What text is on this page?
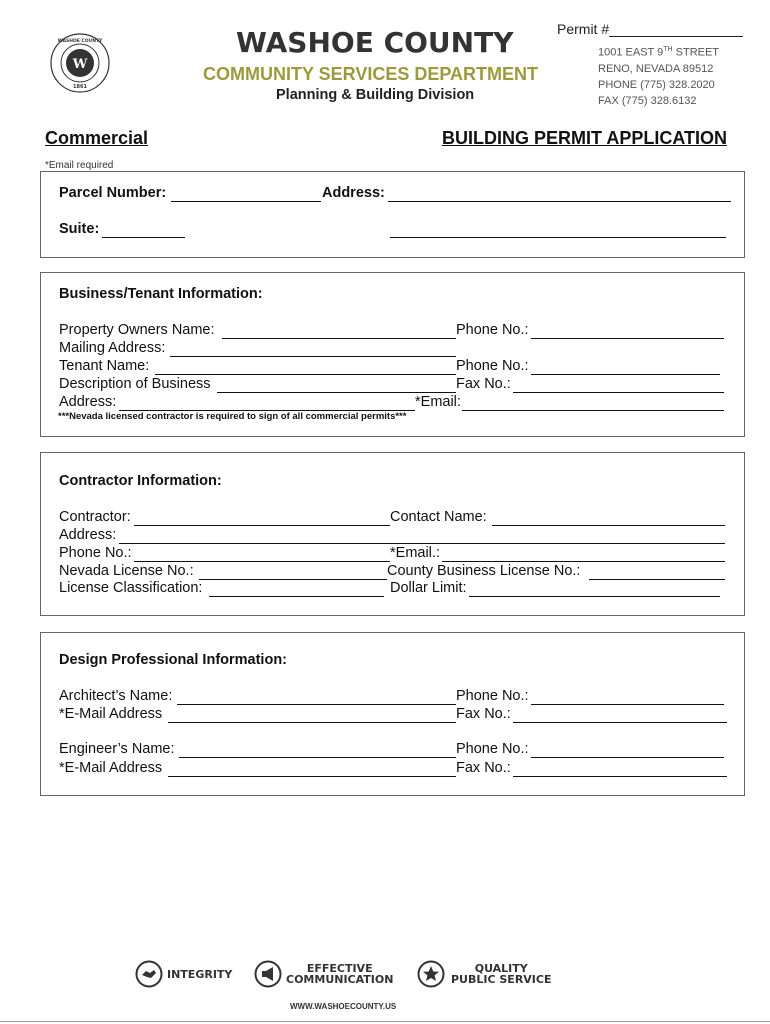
W
WASHOE COUNTY
1861
WASHOE COUNTY
COMMUNITY SERVICES DEPARTMENT
Planning & Building Division
Permit #
1001 EAST 9TH STREET
RENO, NEVADA 89512
PHONE (775) 328.2020
FAX (775) 328.6132
Commercial	BUILDING PERMIT APPLICATION
*Email required
Parcel Number:	Address:
Suite:
Business/Tenant Information:
Property Owners Name:	Phone No.:
Mailing Address:
Tenant Name:	Phone No.:
Description of Business	Fax No.:
Address:	*Email:
***Nevada licensed contractor is required to sign of all commercial permits***
Contractor Information:
Contractor:	Contact Name:
Address:
Phone No.:	*Email.:
Nevada License No.:	County Business License No.:
License Classification:	Dollar Limit:
Design Professional Information:
Architect’s Name:	Phone No.:
*E-Mail Address	Fax No.:
Engineer’s Name:	Phone No.:
*E-Mail Address	Fax No.:
INTEGRITY	EFFECTIVE
COMMUNICATION
QUALITY
PUBLIC SERVICE
WWW.WASHOECOUNTY.US
